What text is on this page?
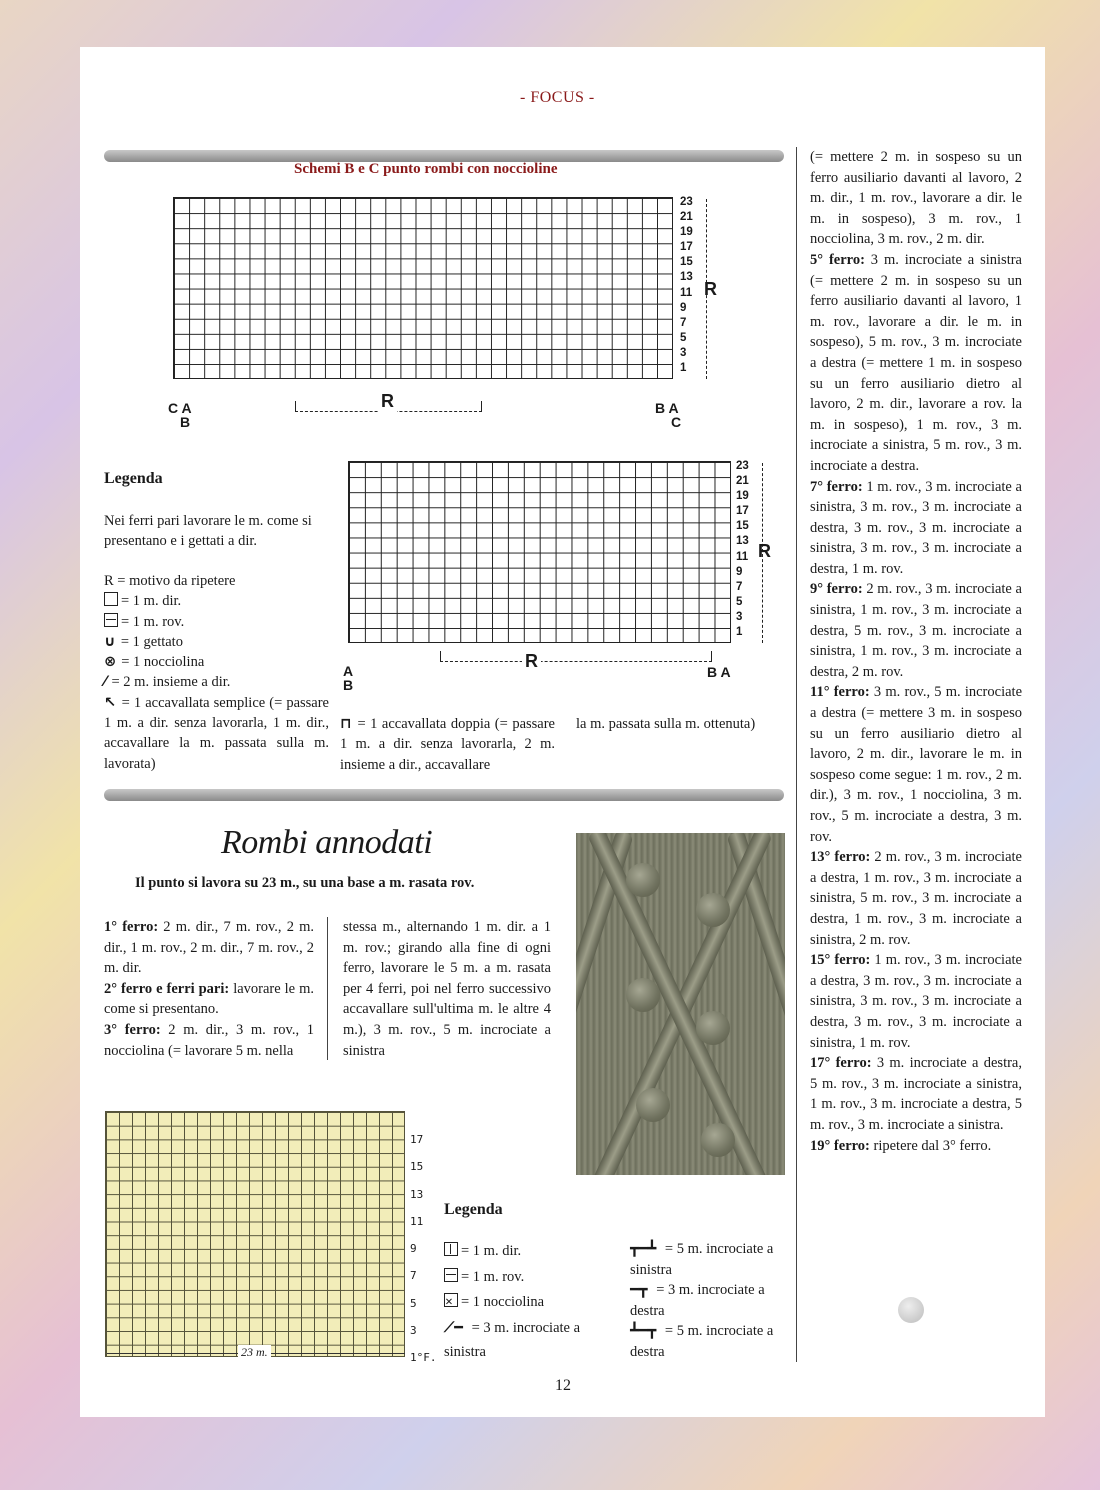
- FOCUS -
Schemi B e C punto rombi con noccioline
23
21
19
17
15
13
11
9
7
5
3
1
R
R
C A
B
B A
C
Legenda
Nei ferri pari lavorare le m. come si presentano e i gettati a dir.
R = motivo da ripetere
= 1 m. dir.
= 1 m. rov.
∪ = 1 gettato
⊗ = 1 nocciolina
⁄ = 2 m. insieme a dir.
↖ = 1 accavallata semplice (= passare 1 m. a dir. senza lavorarla, 1 m. dir., accavallare la m. passata sulla m. lavorata)
⊓ = 1 accavallata doppia (= passare 1 m. a dir. senza lavorarla, 2 m. insieme a dir., accavallare
la m. passata sulla m. ottenuta)
23
21
19
17
15
13
11
9
7
5
3
1
R
R
A
B
B A
(= mettere 2 m. in sospeso su un ferro ausiliario davanti al lavoro, 2 m. dir., 1 m. rov., lavorare a dir. le m. in sospeso), 3 m. rov., 1 nocciolina, 3 m. rov., 2 m. dir.
5° ferro: 3 m. incrociate a sinistra (= mettere 2 m. in sospeso su un ferro ausiliario davanti al lavoro, 1 m. rov., lavorare a dir. le m. in sospeso), 5 m. rov., 3 m. incrociate a destra (= mettere 1 m. in sospeso su un ferro ausiliario dietro al lavoro, 2 m. dir., lavorare a rov. la m. in sospeso), 1 m. rov., 3 m. incrociate a sinistra, 5 m. rov., 3 m. incrociate a destra.
7° ferro: 1 m. rov., 3 m. incrociate a sinistra, 3 m. rov., 3 m. incrociate a destra, 3 m. rov., 3 m. incrociate a sinistra, 3 m. rov., 3 m. incrociate a destra, 1 m. rov.
9° ferro: 2 m. rov., 3 m. incrociate a sinistra, 1 m. rov., 3 m. incrociate a destra, 5 m. rov., 3 m. incrociate a sinistra, 1 m. rov., 3 m. incrociate a destra, 2 m. rov.
11° ferro: 3 m. rov., 5 m. incrociate a destra (= mettere 3 m. in sospeso su un ferro ausiliario dietro al lavoro, 2 m. dir., lavorare le m. in sospeso come segue: 1 m. rov., 2 m. dir.), 3 m. rov., 1 nocciolina, 3 m. rov., 5 m. incrociate a destra, 3 m. rov.
13° ferro: 2 m. rov., 3 m. incrociate a destra, 1 m. rov., 3 m. incrociate a sinistra, 5 m. rov., 3 m. incrociate a destra, 1 m. rov., 3 m. incrociate a sinistra, 2 m. rov.
15° ferro: 1 m. rov., 3 m. incrociate a destra, 3 m. rov., 3 m. incrociate a sinistra, 3 m. rov., 3 m. incrociate a destra, 3 m. rov., 3 m. incrociate a sinistra, 1 m. rov.
17° ferro: 3 m. incrociate a destra, 5 m. rov., 3 m. incrociate a sinistra, 1 m. rov., 3 m. incrociate a destra, 5 m. rov., 3 m. incrociate a sinistra.
19° ferro: ripetere dal 3° ferro.
Rombi annodati
Il punto si lavora su 23 m., su una base a m. rasata rov.
1° ferro: 2 m. dir., 7 m. rov., 2 m. dir., 1 m. rov., 2 m. dir., 7 m. rov., 2 m. dir.
2° ferro e ferri pari: lavorare le m. come si presentano.
3° ferro: 2 m. dir., 3 m. rov., 1 nocciolina (= lavorare 5 m. nella
stessa m., alternando 1 m. dir. a 1 m. rov.; girando alla fine di ogni ferro, lavorare le 5 m. a m. rasata per 4 ferri, poi nel ferro successivo accavallare sull'ultima m. le altre 4 m.), 3 m. rov., 5 m. incrociate a sinistra
17
15
13
11
9
7
5
3
1°F.
23 m.
Legenda
= 1 m. dir.
= 1 m. rov.
×= 1 nocciolina
⟋━ = 3 m. incrociate a sinistra
┳━┻ = 5 m. incrociate a sinistra
━┳ = 3 m. incrociate a destra
┻━┳ = 5 m. incrociate a destra
12
